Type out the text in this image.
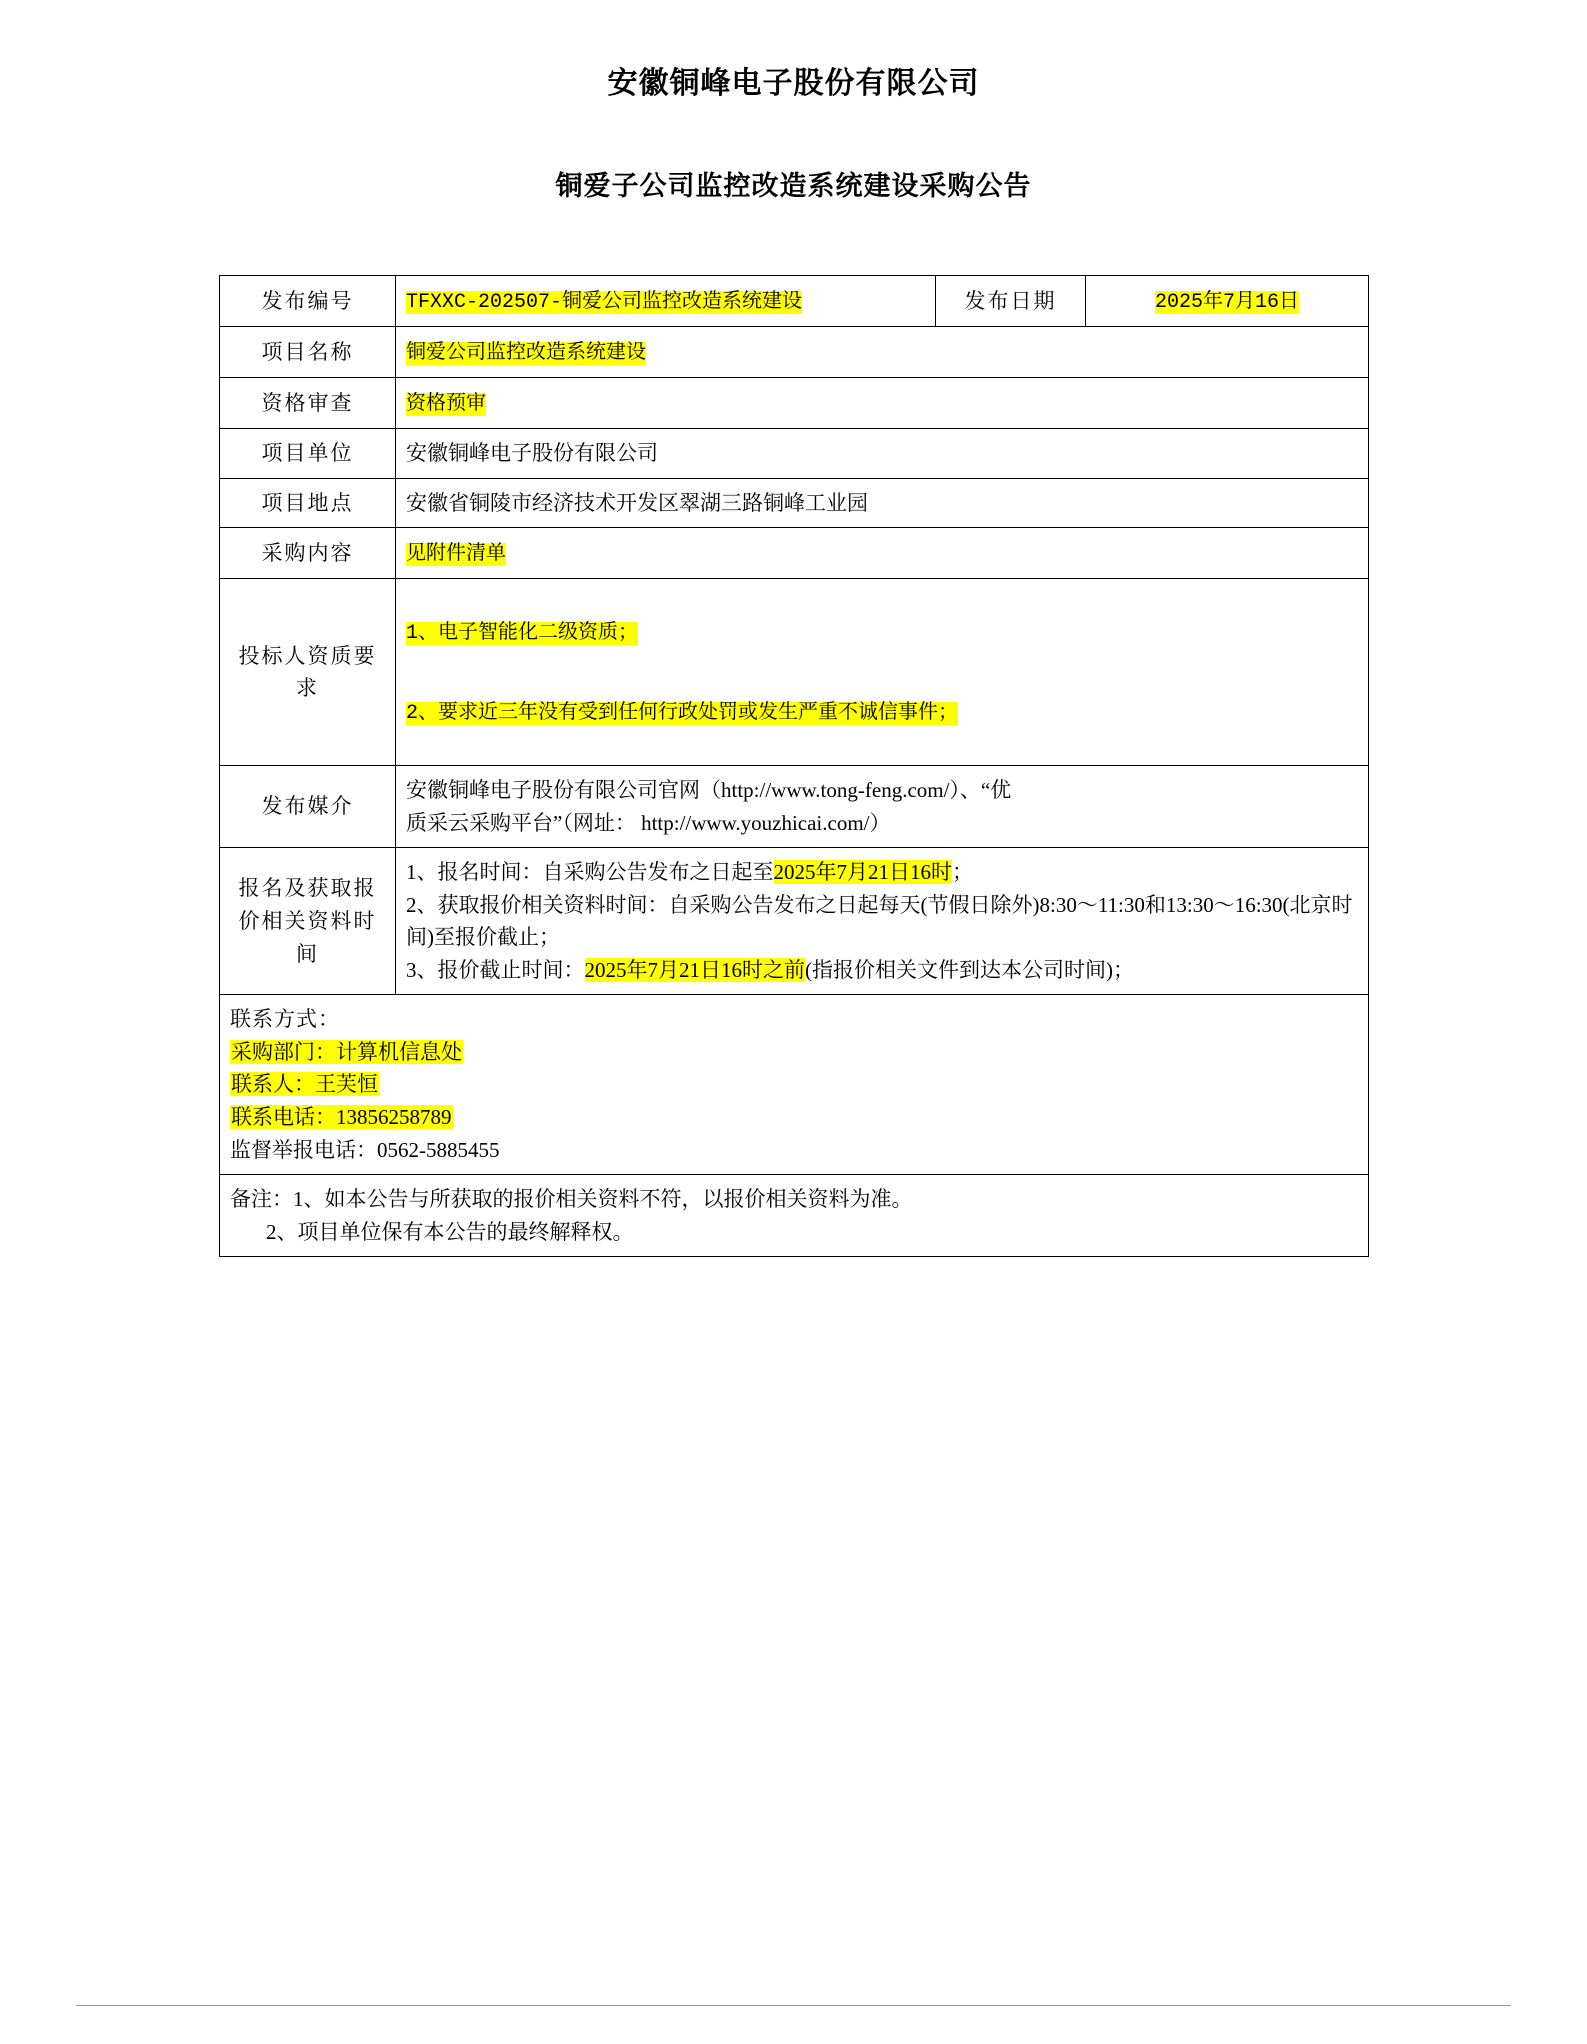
安徽铜峰电子股份有限公司
铜爱子公司监控改造系统建设采购公告
发布编号	TFXXC-202507-铜爱公司监控改造系统建设	发布日期	2025年7月16日
项目名称	铜爱公司监控改造系统建设		
资格审查	资格预审		
项目单位	安徽铜峰电子股份有限公司		
项目地点	安徽省铜陵市经济技术开发区翠湖三路铜峰工业园		
采购内容	见附件清单		
投标人资质要求	1、电子智能化二级资质；
2、要求近三年没有受到任何行政处罚或发生严重不诚信事件；		

发布媒介	安徽铜峰电子股份有限公司官网（http://www.tong-feng.com/）、“优
质采云采购平台”（网址： http://www.youzhicai.com/）		
报名及获取报价相关资料时间	1、报名时间：自采购公告发布之日起至2025年7月21日16时；
2、获取报价相关资料时间：自采购公告发布之日起每天(节假日除外)8:30～11:30和13:30～16:30(北京时间)至报价截止；
3、报价截止时间：2025年7月21日16时之前(指报价相关文件到达本公司时间)；		

联系方式：
采购部门：计算机信息处
联系人：王芙恒
联系电话：13856258789
监督举报电话：0562-5885455			

备注：1、如本公告与所获取的报价相关资料不符，以报价相关资料为准。
2、项目单位保有本公告的最终解释权。			
